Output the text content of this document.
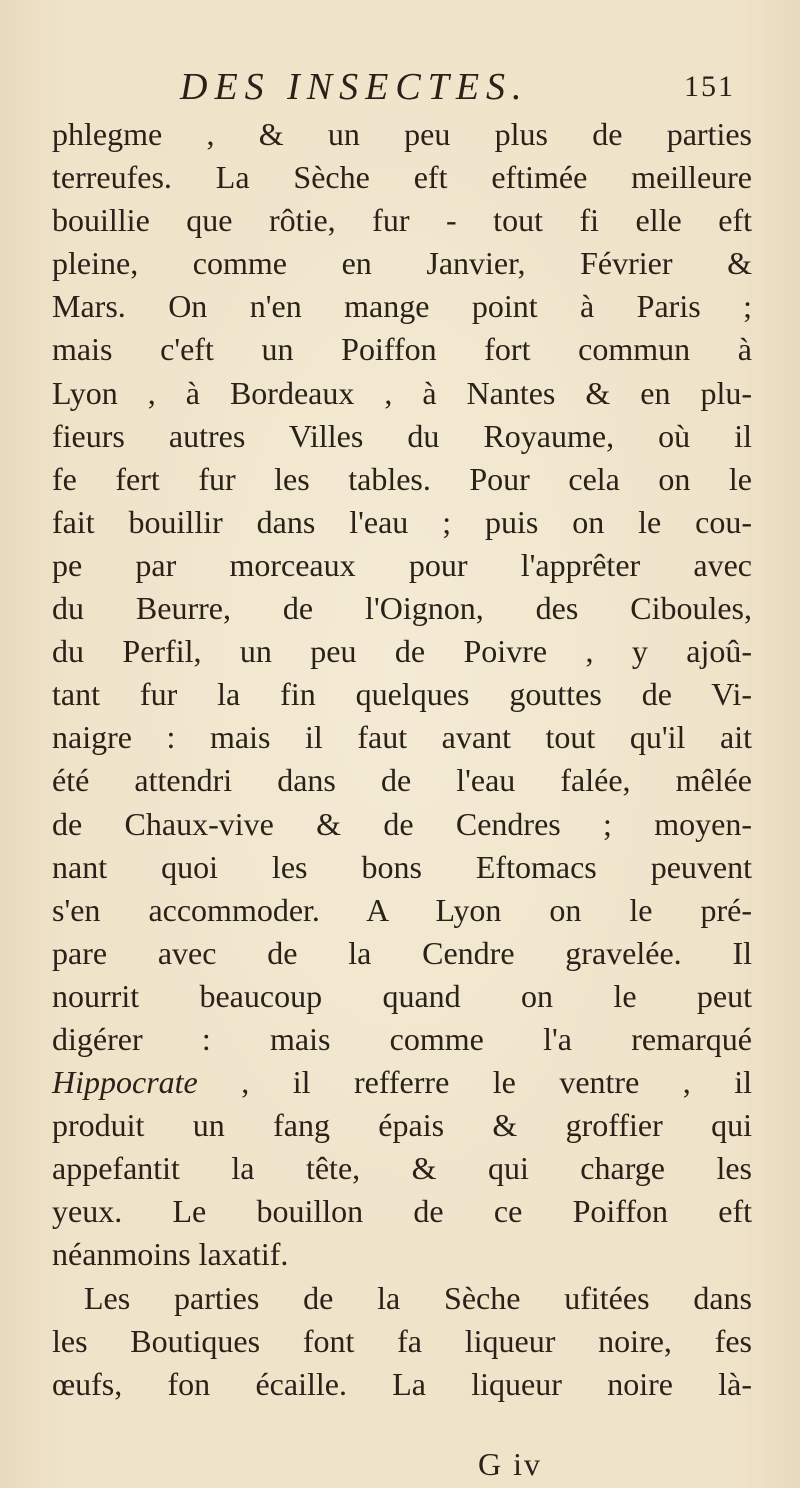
DES INSECTES.	151
phlegme , & un peu plus de parties
terreufes. La Sèche eft eftimée meilleure
bouillie que rôtie, fur - tout fi elle eft
pleine, comme en Janvier, Février &
Mars. On n'en mange point à Paris ;
mais c'eft un Poiffon fort commun à
Lyon , à Bordeaux , à Nantes & en plu-
fieurs autres Villes du Royaume, où il
fe fert fur les tables. Pour cela on le
fait bouillir dans l'eau ; puis on le cou-
pe par morceaux pour l'apprêter avec
du Beurre, de l'Oignon, des Ciboules,
du Perfil, un peu de Poivre , y ajoû-
tant fur la fin quelques gouttes de Vi-
naigre : mais il faut avant tout qu'il ait
été attendri dans de l'eau falée, mêlée
de Chaux-vive & de Cendres ; moyen-
nant quoi les bons Eftomacs peuvent
s'en accommoder. A Lyon on le pré-
pare avec de la Cendre gravelée. Il
nourrit beaucoup quand on le peut
digérer : mais comme l'a remarqué
Hippocrate , il refferre le ventre , il
produit un fang épais & groffier qui
appefantit la tête, & qui charge les
yeux. Le bouillon de ce Poiffon eft
néanmoins laxatif.
Les parties de la Sèche ufitées dans
les Boutiques font fa liqueur noire, fes
œufs, fon écaille. La liqueur noire là-
G iv
